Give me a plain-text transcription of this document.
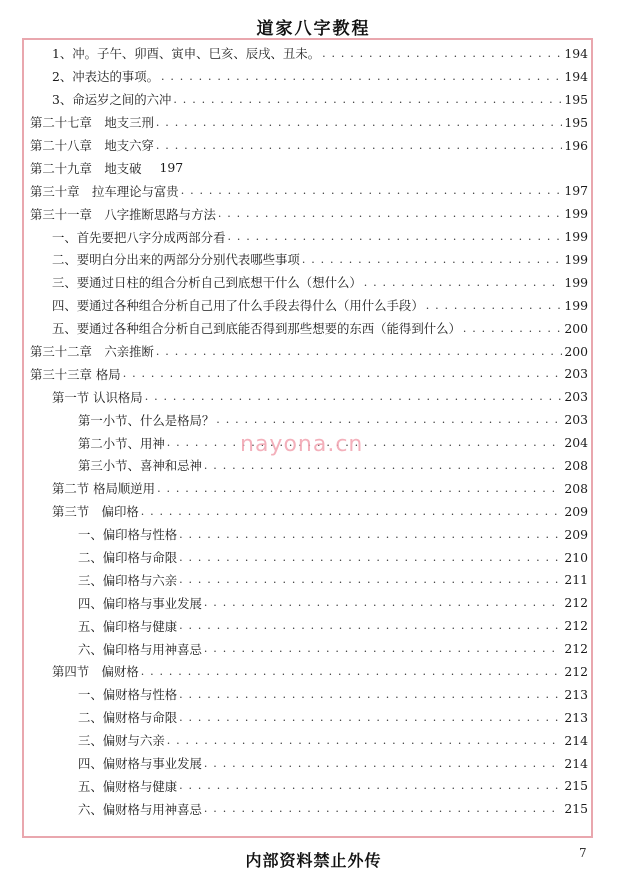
道家八字教程
1、冲。子午、卯酉、寅申、巳亥、辰戌、丑未。 . . .	194
2、冲表达的事项。 . . .	194
3、命运岁之间的六冲 . . .	195
第二十七章　地支三刑 . . .	195
第二十八章　地支六穿 . . .	196
第二十九章　地支破 197
第三十章　拉车理论与富贵 . . .	197
第三十一章　八字推断思路与方法 . . .	199
一、首先要把八字分成两部分看 . . .	199
二、要明白分出来的两部分分别代表哪些事项 . . .	199
三、要通过日柱的组合分析自己到底想干什么（想什么） . . .	199
四、要通过各种组合分析自己用了什么手段去得什么（用什么手段） . . .	199
五、要通过各种组合分析自己到底能否得到那些想要的东西（能得到什么） . . .	200
第三十二章　六亲推断 . . .	200
第三十三章 格局 . . .	203
第一节 认识格局 . . .	203
第一小节、什么是格局？ . . .	203
第二小节、用神 . . .	204
第三小节、喜神和忌神 . . .	208
第二节 格局顺逆用 . . .	208
第三节　偏印格 . . .	209
一、偏印格与性格 . . .	209
二、偏印格与命限 . . .	210
三、偏印格与六亲 . . .	211
四、偏印格与事业发展 . . .	212
五、偏印格与健康 . . .	212
六、偏印格与用神喜忌 . . .	212
第四节　偏财格 . . .	212
一、偏财格与性格 . . .	213
二、偏财格与命限 . . .	213
三、偏财与六亲 . . .	214
四、偏财格与事业发展 . . .	214
五、偏财格与健康 . . .	215
六、偏财格与用神喜忌 . . .	215
nayona.cn
内部资料禁止外传	7
